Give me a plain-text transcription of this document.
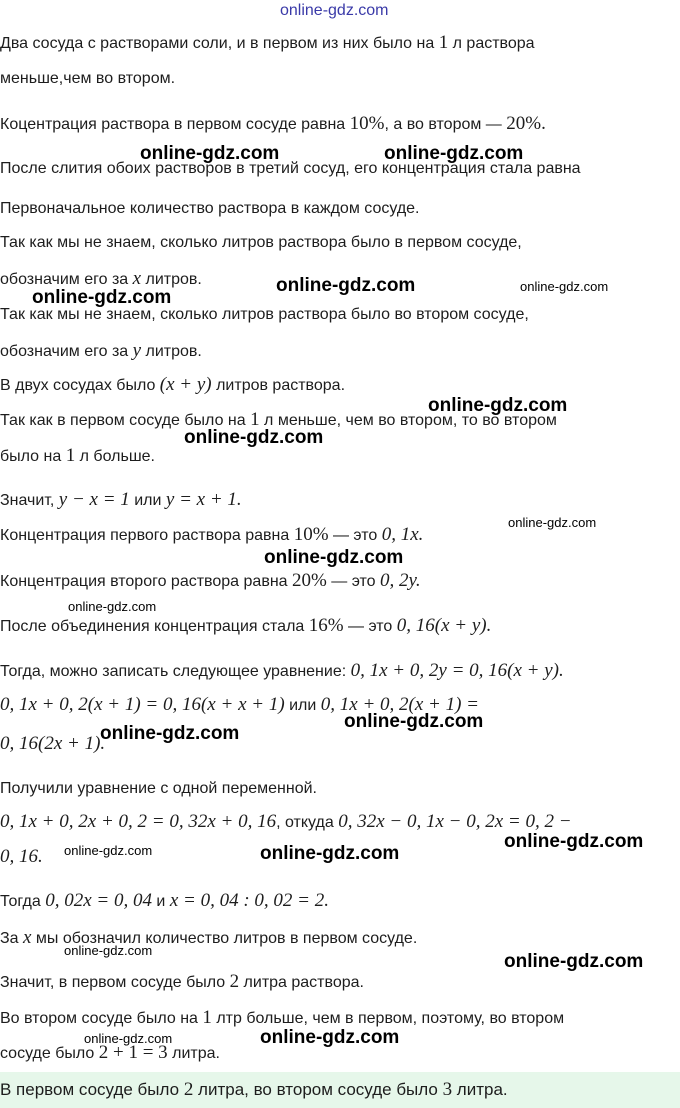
online-gdz.com
Два сосуда с растворами соли, и в первом из них было на 1 л раствора
меньше,чем во втором.
Коцентрация раствора в первом сосуде равна 10%, а во втором — 20%.
После слития обоих растворов в третий сосуд, его концентрация стала равна
Первоначальное количество раствора в каждом сосуде.
Так как мы не знаем, сколько литров раствора было в первом сосуде,
обозначим его за x литров.
Так как мы не знаем, сколько литров раствора было во втором сосуде,
обозначим его за y литров.
В двух сосудах было (x + y) литров раствора.
Так как в первом сосуде было на 1 л меньше, чем во втором, то во втором
было на 1 л больше.
Значит, y − x = 1 или y = x + 1.
Концентрация первого раствора равна 10% — это 0, 1x.
Концентрация второго раствора равна 20% — это 0, 2y.
После объединения концентрация стала 16% — это 0, 16(x + y).
Тогда, можно записать следующее уравнение: 0, 1x + 0, 2y = 0, 16(x + y).
0, 1x + 0, 2(x + 1) = 0, 16(x + x + 1) или 0, 1x + 0, 2(x + 1) =
0, 16(2x + 1).
Получили уравнение с одной переменной.
0, 1x + 0, 2x + 0, 2 = 0, 32x + 0, 16, откуда 0, 32x − 0, 1x − 0, 2x = 0, 2 −
0, 16.
Тогда 0, 02x = 0, 04 и x = 0, 04 : 0, 02 = 2.
За x мы обозначил количество литров в первом сосуде.
Значит, в первом сосуде было 2 литра раствора.
Во втором сосуде было на 1 лтр больше, чем в первом, поэтому, во втором
сосуде было 2 + 1 = 3 литра.
В первом сосуде было 2 литра, во втором сосуде было 3 литра.
online-gdz.com	online-gdz.com
online-gdz.com	online-gdz.com
online-gdz.com
online-gdz.com
online-gdz.com
online-gdz.com
online-gdz.com
online-gdz.com
online-gdz.com
online-gdz.com
online-gdz.com
online-gdz.com	online-gdz.com
online-gdz.com
online-gdz.com
online-gdz.com
online-gdz.com
